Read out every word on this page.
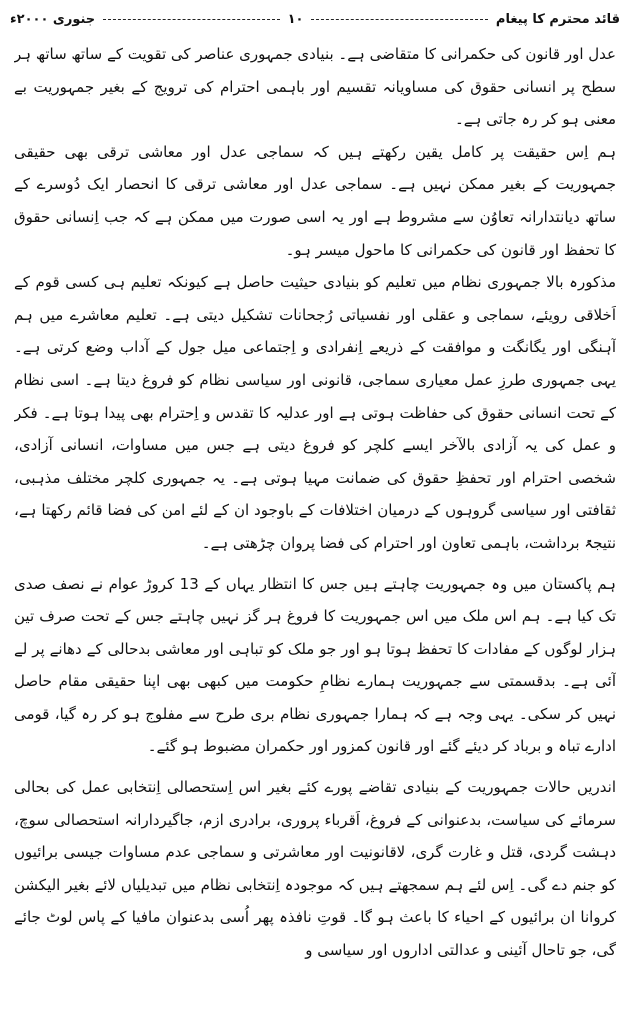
قائد محترم کا پیغام
۱۰
جنوری ۲۰۰۰ء

عدل اور قانون کی حکمرانی کا متقاضی ہے۔ بنیادی جمہوری عناصر کی تقویت کے ساتھ ساتھ ہر سطح پر انسانی حقوق کی مساویانہ تقسیم اور باہمی احترام کی ترویج کے بغیر جمہوریت بے معنی ہو کر رہ جاتی ہے۔

ہم اِس حقیقت پر کامل یقین رکھتے ہیں کہ سماجی عدل اور معاشی ترقی بھی حقیقی جمہوریت کے بغیر ممکن نہیں ہے۔ سماجی عدل اور معاشی ترقی کا انحصار ایک دُوسرے کے ساتھ دیانتدارانہ تعاوُن سے مشروط ہے اور یہ اسی صورت میں ممکن ہے کہ جب اِنسانی حقوق کا تحفظ اور قانون کی حکمرانی کا ماحول میسر ہو۔

مذکورہ بالا جمہوری نظام میں تعلیم کو بنیادی حیثیت حاصل ہے کیونکہ تعلیم ہی کسی قوم کے اَخلاقی رویئے، سماجی و عقلی اور نفسیاتی رُجحانات تشکیل دیتی ہے۔ تعلیم معاشرے میں ہم آہنگی اور یگانگت و موافقت کے ذریعے اِنفرادی و اِجتماعی میل جول کے آداب وضع کرتی ہے۔ یہی جمہوری طرزِ عمل معیاری سماجی، قانونی اور سیاسی نظام کو فروغ دیتا ہے۔ اسی نظام کے تحت انسانی حقوق کی حفاظت ہوتی ہے اور عدلیہ کا تقدس و اِحترام بھی پیدا ہوتا ہے۔ فکر و عمل کی یہ آزادی بالآخر ایسے کلچر کو فروغ دیتی ہے جس میں مساوات، انسانی آزادی، شخصی احترام اور تحفظِ حقوق کی ضمانت مہیا ہوتی ہے۔ یہ جمہوری کلچر مختلف مذہبی، ثقافتی اور سیاسی گروہوں کے درمیان اختلافات کے باوجود ان کے لئے امن کی فضا قائم رکھتا ہے، نتیجۃً برداشت، باہمی تعاون اور احترام کی فضا پروان چڑھتی ہے۔

ہم پاکستان میں وہ جمہوریت چاہتے ہیں جس کا انتظار یہاں کے 13 کروڑ عوام نے نصف صدی تک کیا ہے۔ ہم اس ملک میں اس جمہوریت کا فروغ ہر گز نہیں چاہتے جس کے تحت صرف تین ہزار لوگوں کے مفادات کا تحفظ ہوتا ہو اور جو ملک کو تباہی اور معاشی بدحالی کے دھانے پر لے آئی ہے۔ بدقسمتی سے جمہوریت ہمارے نظامِ حکومت میں کبھی بھی اپنا حقیقی مقام حاصل نہیں کر سکی۔ یہی وجہ ہے کہ ہمارا جمہوری نظام بری طرح سے مفلوج ہو کر رہ گیا، قومی ادارے تباہ و برباد کر دیئے گئے اور قانون کمزور اور حکمران مضبوط ہو گئے۔

اندریں حالات جمہوریت کے بنیادی تقاضے پورے کئے بغیر اس اِستحصالی اِنتخابی عمل کی بحالی سرمائے کی سیاست، بدعنوانی کے فروغ، اَقرباء پروری، برادری ازم، جاگیردارانہ استحصالی سوچ، دہشت گردی، قتل و غارت گری، لاقانونیت اور معاشرتی و سماجی عدم مساوات جیسی برائیوں کو جنم دے گی۔ اِس لئے ہم سمجھتے ہیں کہ موجودہ اِنتخابی نظام میں تبدیلیاں لائے بغیر الیکشن کروانا ان برائیوں کے احیاء کا باعث ہو گا۔ قوتِ نافذہ پھر اُسی بدعنوان مافیا کے پاس لوٹ جائے گی، جو تاحال آئینی و عدالتی اداروں اور سیاسی و
